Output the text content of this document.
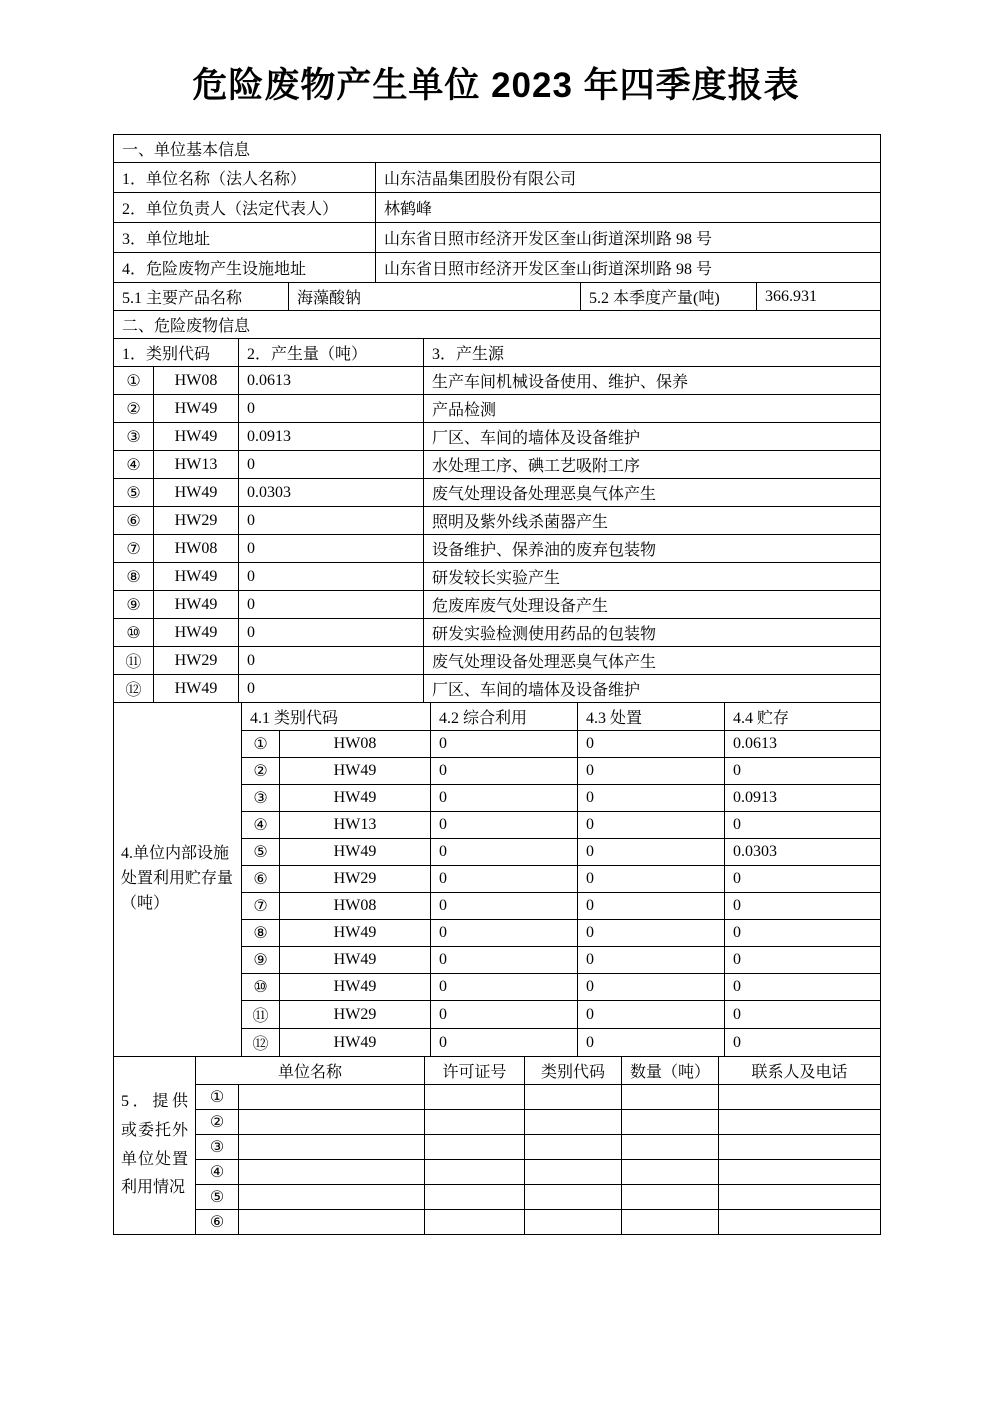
危险废物产生单位 2023 年四季度报表
一、单位基本信息				
1．单位名称（法人名称）		山东洁晶集团股份有限公司		
2．单位负责人（法定代表人）		林鹤峰		
3．单位地址		山东省日照市经济开发区奎山街道深圳路 98 号		
4．危险废物产生设施地址		山东省日照市经济开发区奎山街道深圳路 98 号		
5.1 主要产品名称	海藻酸钠		5.2 本季度产量(吨)	366.931
二、危险废物信息			
1．类别代码		2．产生量（吨）	3．产生源
①	HW08	0.0613	生产车间机械设备使用、维护、保养
②	HW49	0	产品检测
③	HW49	0.0913	厂区、车间的墙体及设备维护
④	HW13	0	水处理工序、碘工艺吸附工序
⑤	HW49	0.0303	废气处理设备处理恶臭气体产生
⑥	HW29	0	照明及紫外线杀菌器产生
⑦	HW08	0	设备维护、保养油的废弃包装物
⑧	HW49	0	研发较长实验产生
⑨	HW49	0	危废库废气处理设备产生
⑩	HW49	0	研发实验检测使用药品的包装物
⑪	HW29	0	废气处理设备处理恶臭气体产生
⑫	HW49	0	厂区、车间的墙体及设备维护
4.单位内部设施处置利用贮存量（吨）	4.1 类别代码		4.2 综合利用	4.3 处置	4.4 贮存
	①	HW08	0	0	0.0613
	②	HW49	0	0	0
	③	HW49	0	0	0.0913
	④	HW13	0	0	0
	⑤	HW49	0	0	0.0303
	⑥	HW29	0	0	0
	⑦	HW08	0	0	0
	⑧	HW49	0	0	0
	⑨	HW49	0	0	0
	⑩	HW49	0	0	0
	⑪	HW29	0	0	0
	⑫	HW49	0	0	0
5．提供或委托外单位处置利用情况	单位名称		许可证号	类别代码	数量（吨）	联系人及电话
	①					
	②					
	③					
	④					
	⑤					
	⑥					
